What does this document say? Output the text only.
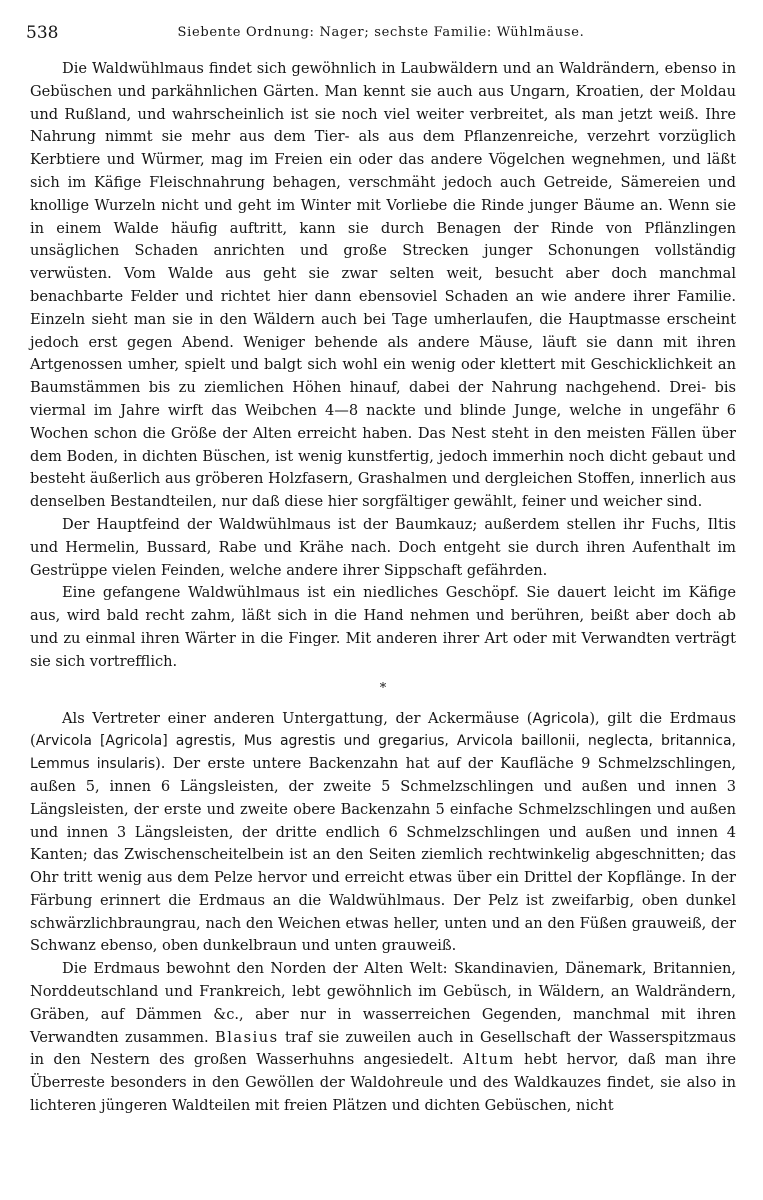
538	Siebente Ordnung: Nager; sechste Familie: Wühlmäuse.

Die Waldwühlmaus findet sich gewöhnlich in Laubwäldern und an Waldrändern, ebenso in Gebüschen und parkähnlichen Gärten. Man kennt sie auch aus Ungarn, Kroatien, der Moldau und Rußland, und wahrscheinlich ist sie noch viel weiter verbreitet, als man jetzt weiß. Ihre Nahrung nimmt sie mehr aus dem Tier- als aus dem Pflanzenreiche, verzehrt vorzüglich Kerbtiere und Würmer, mag im Freien ein oder das andere Vögelchen wegnehmen, und läßt sich im Käfige Fleischnahrung behagen, verschmäht jedoch auch Getreide, Sämereien und knollige Wurzeln nicht und geht im Winter mit Vorliebe die Rinde junger Bäume an. Wenn sie in einem Walde häufig auftritt, kann sie durch Benagen der Rinde von Pflänzlingen unsäglichen Schaden anrichten und große Strecken junger Schonungen vollständig verwüsten. Vom Walde aus geht sie zwar selten weit, besucht aber doch manchmal benachbarte Felder und richtet hier dann ebensoviel Schaden an wie andere ihrer Familie. Einzeln sieht man sie in den Wäldern auch bei Tage umherlaufen, die Hauptmasse erscheint jedoch erst gegen Abend. Weniger behende als andere Mäuse, läuft sie dann mit ihren Artgenossen umher, spielt und balgt sich wohl ein wenig oder klettert mit Geschicklichkeit an Baumstämmen bis zu ziemlichen Höhen hinauf, dabei der Nahrung nachgehend. Drei- bis viermal im Jahre wirft das Weibchen 4—8 nackte und blinde Junge, welche in ungefähr 6 Wochen schon die Größe der Alten erreicht haben. Das Nest steht in den meisten Fällen über dem Boden, in dichten Büschen, ist wenig kunstfertig, jedoch immerhin noch dicht gebaut und besteht äußerlich aus gröberen Holzfasern, Grashalmen und dergleichen Stoffen, innerlich aus denselben Bestandteilen, nur daß diese hier sorgfältiger gewählt, feiner und weicher sind.

Der Hauptfeind der Waldwühlmaus ist der Baumkauz; außerdem stellen ihr Fuchs, Iltis und Hermelin, Bussard, Rabe und Krähe nach. Doch entgeht sie durch ihren Aufenthalt im Gestrüppe vielen Feinden, welche andere ihrer Sippschaft gefährden.

Eine gefangene Waldwühlmaus ist ein niedliches Geschöpf. Sie dauert leicht im Käfige aus, wird bald recht zahm, läßt sich in die Hand nehmen und berühren, beißt aber doch ab und zu einmal ihren Wärter in die Finger. Mit anderen ihrer Art oder mit Verwandten verträgt sie sich vortrefflich.

*

Als Vertreter einer anderen Untergattung, der Ackermäuse (Agricola), gilt die Erdmaus (Arvicola [Agricola] agrestis, Mus agrestis und gregarius, Arvicola baillonii, neglecta, britannica, Lemmus insularis). Der erste untere Backenzahn hat auf der Kaufläche 9 Schmelzschlingen, außen 5, innen 6 Längsleisten, der zweite 5 Schmelzschlingen und außen und innen 3 Längsleisten, der erste und zweite obere Backenzahn 5 einfache Schmelzschlingen und außen und innen 3 Längsleisten, der dritte endlich 6 Schmelzschlingen und außen und innen 4 Kanten; das Zwischenscheitelbein ist an den Seiten ziemlich rechtwinkelig abgeschnitten; das Ohr tritt wenig aus dem Pelze hervor und erreicht etwas über ein Drittel der Kopflänge. In der Färbung erinnert die Erdmaus an die Waldwühlmaus. Der Pelz ist zweifarbig, oben dunkel schwärzlichbraungrau, nach den Weichen etwas heller, unten und an den Füßen grauweiß, der Schwanz ebenso, oben dunkelbraun und unten grauweiß.

Die Erdmaus bewohnt den Norden der Alten Welt: Skandinavien, Dänemark, Britannien, Norddeutschland und Frankreich, lebt gewöhnlich im Gebüsch, in Wäldern, an Waldrändern, Gräben, auf Dämmen &c., aber nur in wasserreichen Gegenden, manchmal mit ihren Verwandten zusammen. Blasius traf sie zuweilen auch in Gesellschaft der Wasserspitzmaus in den Nestern des großen Wasserhuhns angesiedelt. Altum hebt hervor, daß man ihre Überreste besonders in den Gewöllen der Waldohreule und des Waldkauzes findet, sie also in lichteren jüngeren Waldteilen mit freien Plätzen und dichten Gebüschen, nicht
